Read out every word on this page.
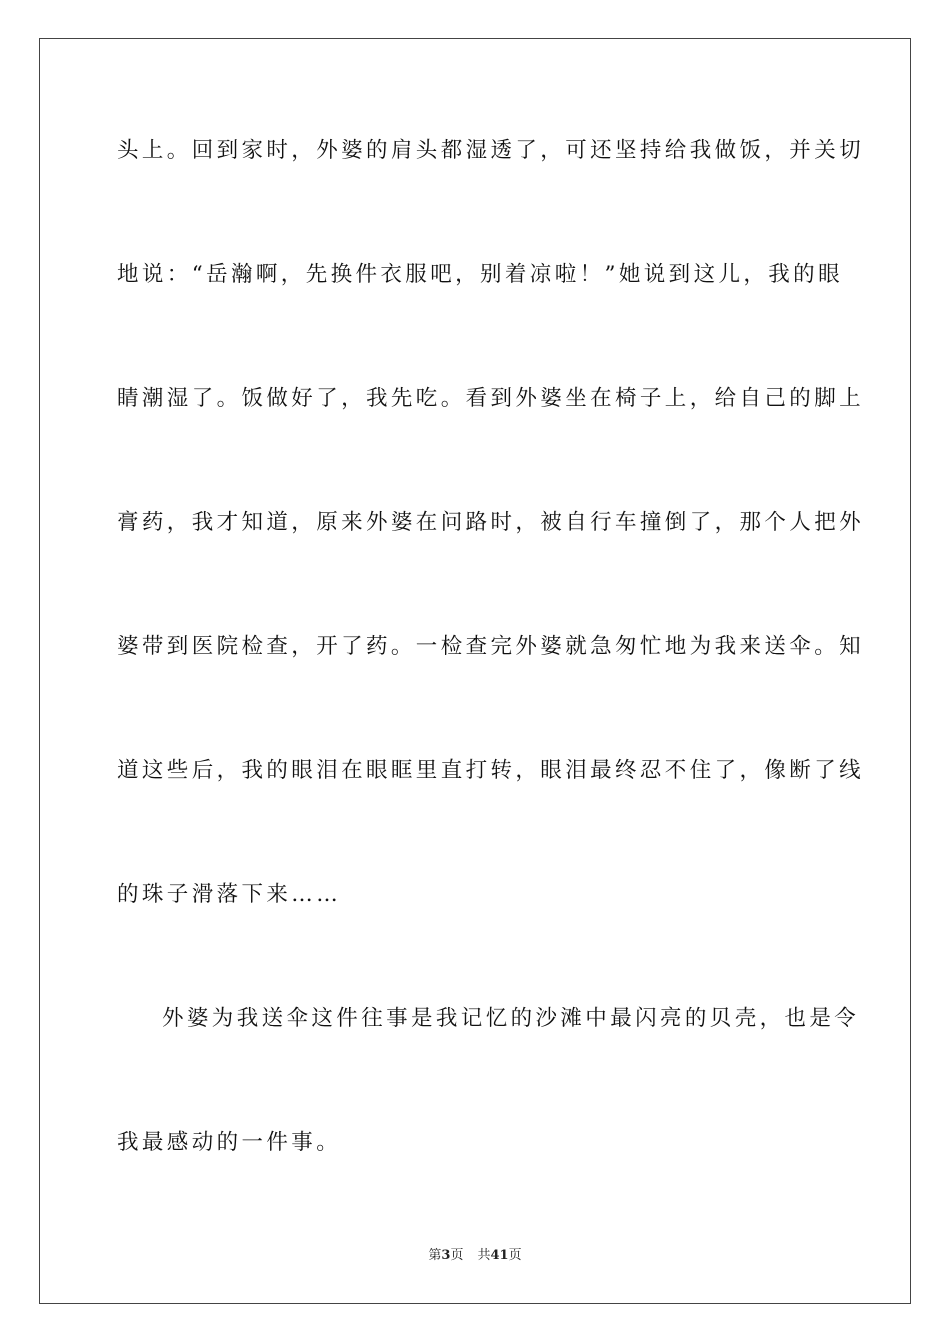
头上。回到家时，外婆的肩头都湿透了，可还坚持给我做饭，并关切
地说：“岳瀚啊，先换件衣服吧，别着凉啦！”她说到这儿，我的眼
睛潮湿了。饭做好了，我先吃。看到外婆坐在椅子上，给自己的脚上
膏药，我才知道，原来外婆在问路时，被自行车撞倒了，那个人把外
婆带到医院检查，开了药。一检查完外婆就急匆忙地为我来送伞。知
道这些后，我的眼泪在眼眶里直打转，眼泪最终忍不住了，像断了线
的珠子滑落下来……
外婆为我送伞这件往事是我记忆的沙滩中最闪亮的贝壳，也是令
我最感动的一件事。
第3页 共41页
